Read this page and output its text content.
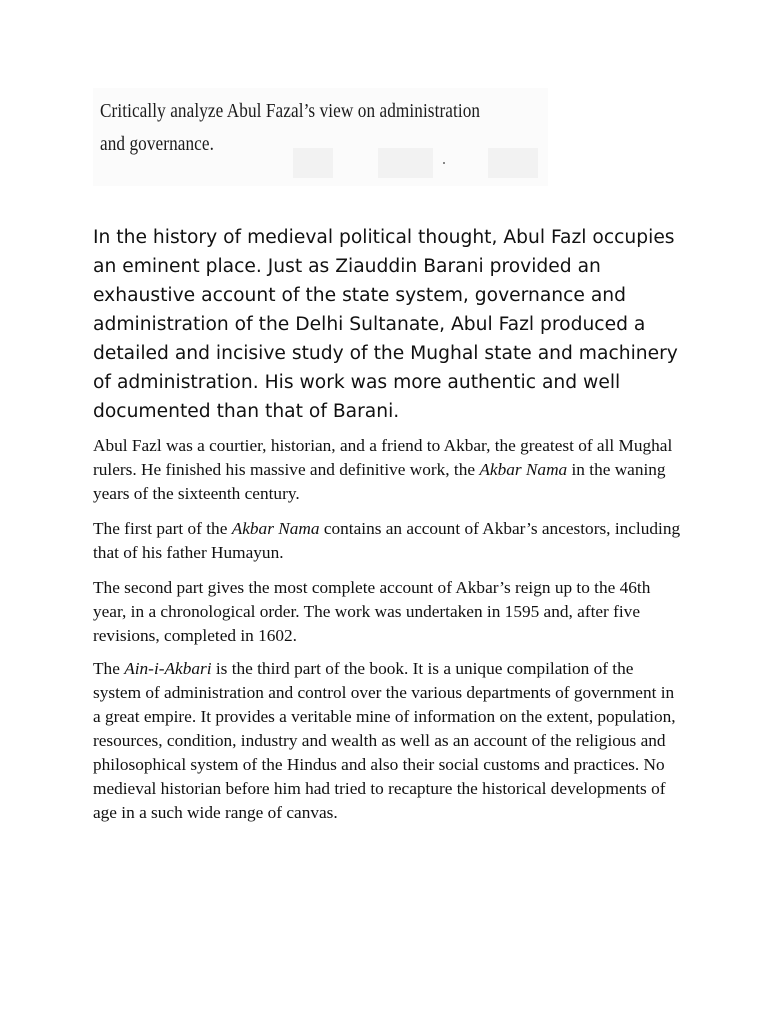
Critically analyze Abul Fazal’s view on administration
and governance.

In the history of medieval political thought, Abul Fazl occupies an eminent place. Just as Ziauddin Barani provided an exhaustive account of the state system, governance and administration of the Delhi Sultanate, Abul Fazl produced a detailed and incisive study of the Mughal state and machinery of administration. His work was more authentic and well documented than that of Barani.

Abul Fazl was a courtier, historian, and a friend to Akbar, the greatest of all Mughal rulers. He finished his massive and definitive work, the Akbar Nama in the waning years of the sixteenth century.

The first part of the Akbar Nama contains an account of Akbar’s ancestors, including that of his father Humayun.

The second part gives the most complete account of Akbar’s reign up to the 46th year, in a chronological order. The work was undertaken in 1595 and, after five revisions, completed in 1602.

The Ain-i-Akbari is the third part of the book. It is a unique compilation of the system of administration and control over the various departments of government in a great empire. It provides a veritable mine of information on the extent, population, resources, condition, industry and wealth as well as an account of the religious and philosophical system of the Hindus and also their social customs and practices. No medieval historian before him had tried to recapture the historical developments of age in a such wide range of canvas.
